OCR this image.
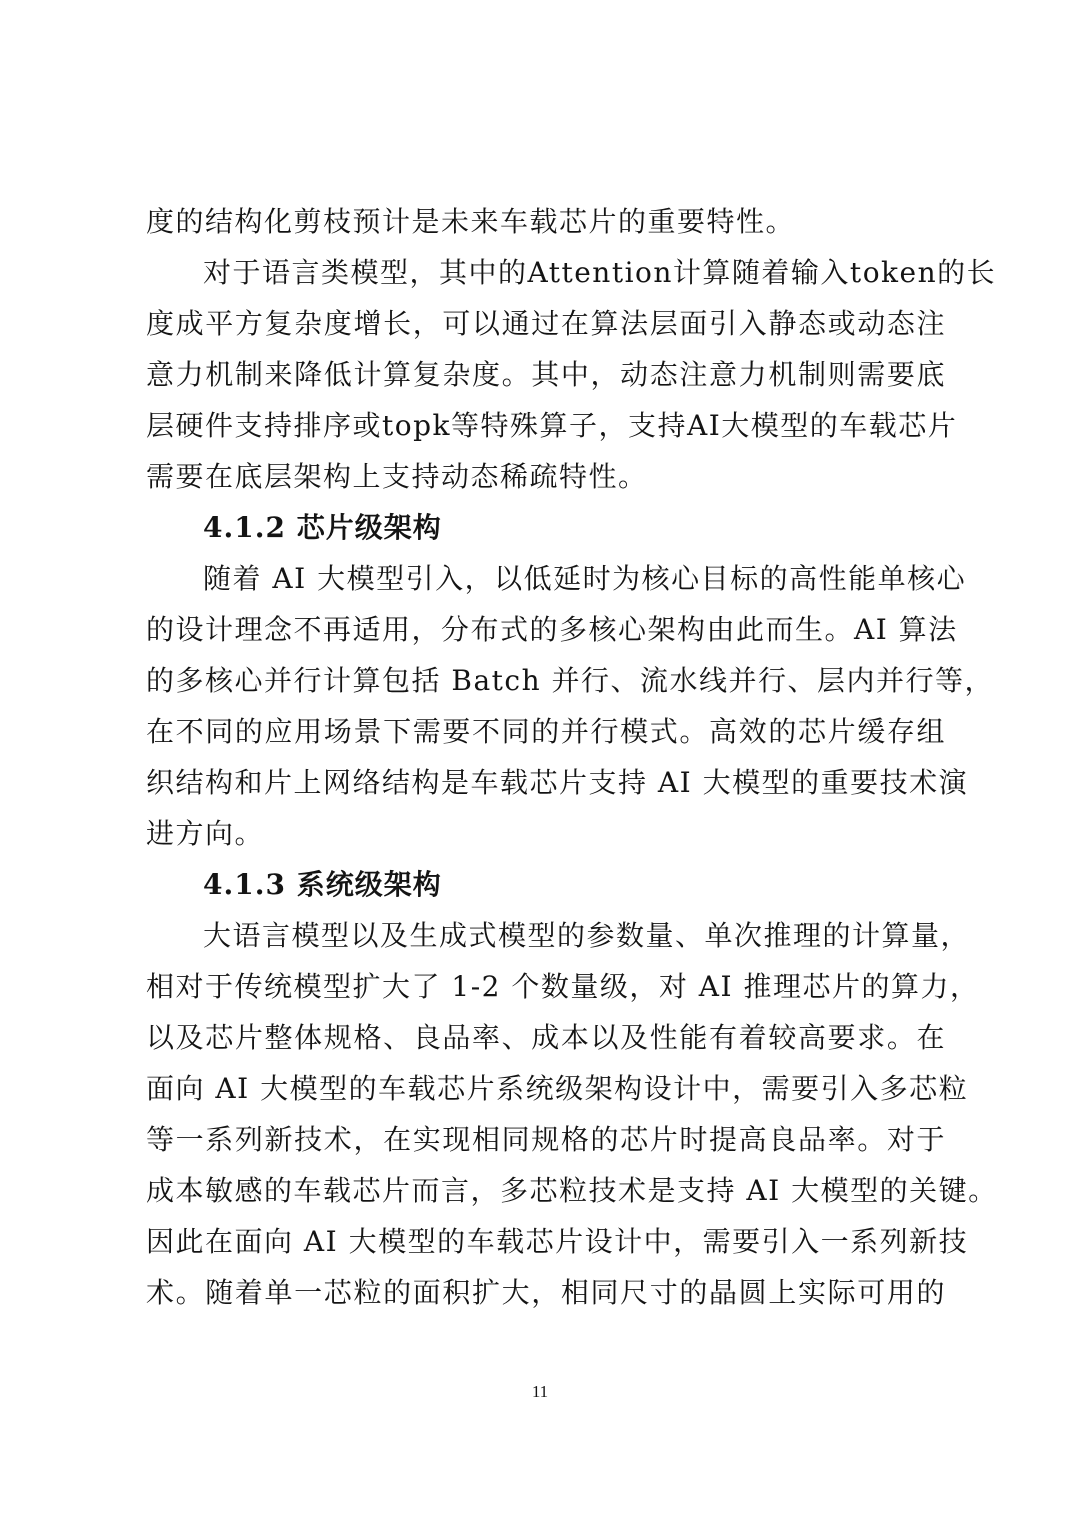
度的结构化剪枝预计是未来车载芯片的重要特性。
对于语言类模型，其中的Attention计算随着输入token的长
度成平方复杂度增长，可以通过在算法层面引入静态或动态注
意力机制来降低计算复杂度。其中，动态注意力机制则需要底
层硬件支持排序或topk等特殊算子，支持AI大模型的车载芯片
需要在底层架构上支持动态稀疏特性。
4.1.2 芯片级架构
随着 AI 大模型引入，以低延时为核心目标的高性能单核心
的设计理念不再适用，分布式的多核心架构由此而生。AI 算法
的多核心并行计算包括 Batch 并行、流水线并行、层内并行等，
在不同的应用场景下需要不同的并行模式。高效的芯片缓存组
织结构和片上网络结构是车载芯片支持 AI 大模型的重要技术演
进方向。
4.1.3 系统级架构
大语言模型以及生成式模型的参数量、单次推理的计算量，
相对于传统模型扩大了 1-2 个数量级，对 AI 推理芯片的算力，
以及芯片整体规格、良品率、成本以及性能有着较高要求。在
面向 AI 大模型的车载芯片系统级架构设计中，需要引入多芯粒
等一系列新技术，在实现相同规格的芯片时提高良品率。对于
成本敏感的车载芯片而言，多芯粒技术是支持 AI 大模型的关键。
因此在面向 AI 大模型的车载芯片设计中，需要引入一系列新技
术。随着单一芯粒的面积扩大，相同尺寸的晶圆上实际可用的
11
